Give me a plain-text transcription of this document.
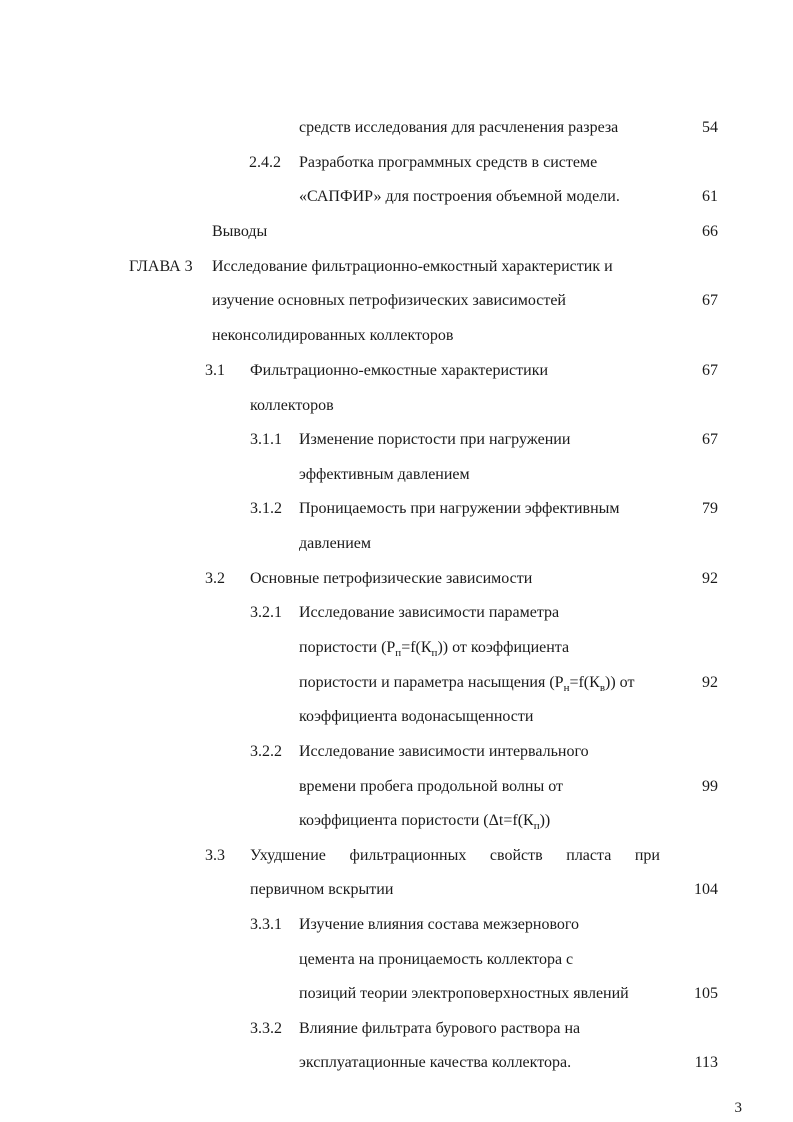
средств исследования для расчленения разреза	54
2.4.2 Разработка программных средств в системе
«САПФИР» для построения объемной модели.	61
Выводы	66
ГЛАВА 3 Исследование фильтрационно-емкостный характеристик и
изучение основных петрофизических зависимостей	67
неконсолидированных коллекторов
3.1 Фильтрационно-емкостные характеристики	67
коллекторов
3.1.1 Изменение пористости при нагружении	67
эффективным давлением
3.1.2 Проницаемость при нагружении эффективным	79
давлением
3.2 Основные петрофизические зависимости	92
3.2.1 Исследование зависимости параметра
пористости $(Р_п=f(К_п))$ от коэффициента
пористости и параметра насыщения $(Р_н=f(К_в))$ от	92
коэффициента водонасыщенности
3.2.2 Исследование зависимости интервального
времени пробега продольной волны от	99
коэффициента пористости $(\Delta t=f(К_п))$
3.3 Ухудшение фильтрационных свойств пласта при
первичном вскрытии	104
3.3.1 Изучение влияния состава межзернового
цемента на проницаемость коллектора с
позиций теории электроповерхностных явлений	105
3.3.2 Влияние фильтрата бурового раствора на
эксплуатационные качества коллектора.	113
3
